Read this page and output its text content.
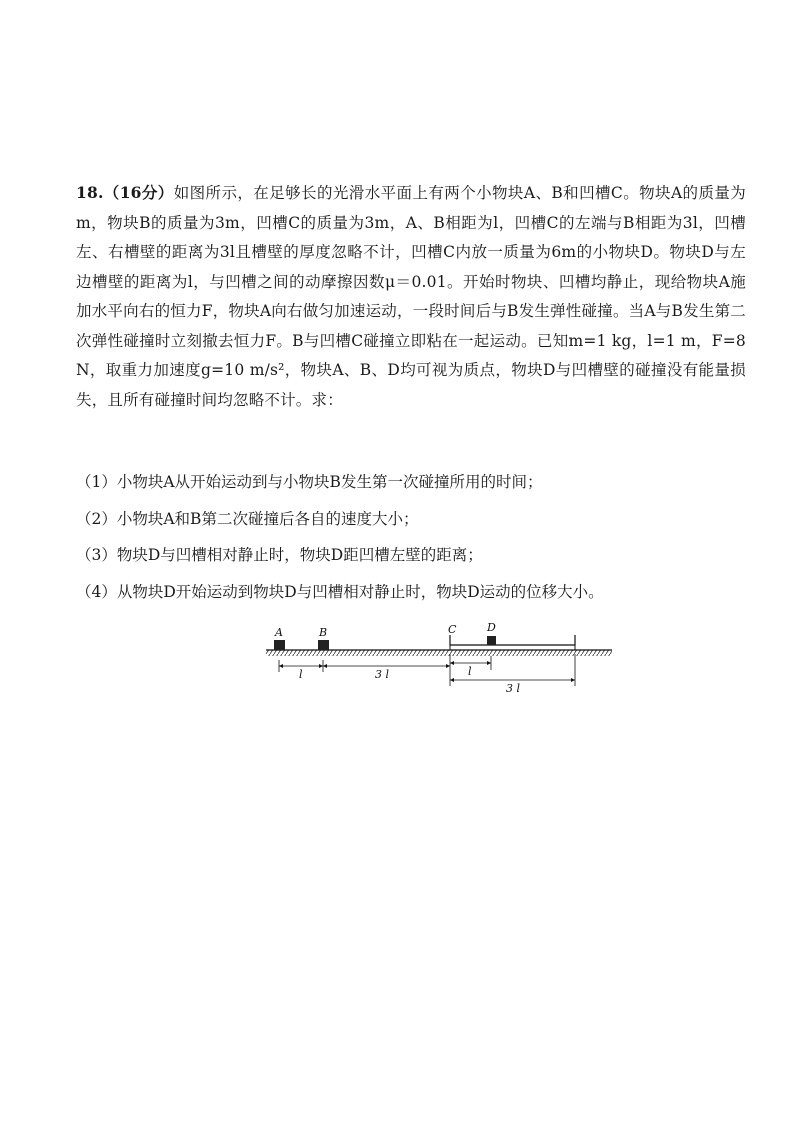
18.（16分）如图所示，在足够长的光滑水平面上有两个小物块A、B和凹槽C。物块A的质量为m，物块B的质量为3m，凹槽C的质量为3m，A、B相距为l，凹槽C的左端与B相距为3l，凹槽左、右槽壁的距离为3l且槽壁的厚度忽略不计，凹槽C内放一质量为6m的小物块D。物块D与左边槽壁的距离为l，与凹槽之间的动摩擦因数μ＝0.01。开始时物块、凹槽均静止，现给物块A施加水平向右的恒力F，物块A向右做匀加速运动，一段时间后与B发生弹性碰撞。当A与B发生第二次弹性碰撞时立刻撤去恒力F。B与凹槽C碰撞立即粘在一起运动。已知m=1 kg，l=1 m，F=8 N，取重力加速度g=10 m/s²，物块A、B、D均可视为质点，物块D与凹槽壁的碰撞没有能量损失，且所有碰撞时间均忽略不计。求：
（1）小物块A从开始运动到与小物块B发生第一次碰撞所用的时间；
（2）小物块A和B第二次碰撞后各自的速度大小；
（3）物块D与凹槽相对静止时，物块D距凹槽左壁的距离；
（4）从物块D开始运动到物块D与凹槽相对静止时，物块D运动的位移大小。
A	B	C	D
l	3 l	l
3 l
